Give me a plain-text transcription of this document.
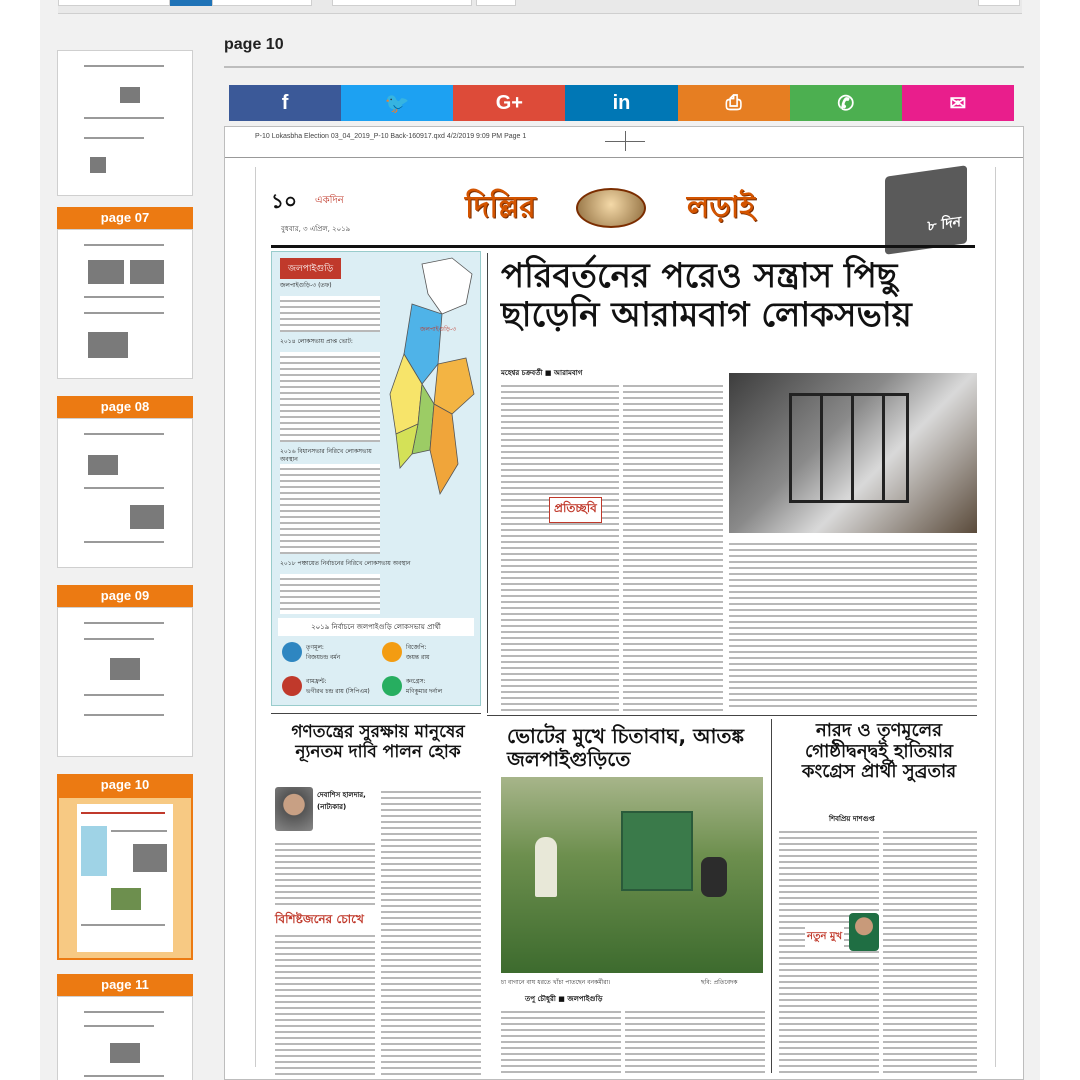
page 07
page 08
page 09
page 10
page 11
page 10
f	🐦	G+	in	⎙	✆	✉
P-10 Lokasbha Election 03_04_2019_P-10 Back-160917.qxd 4/2/2019 9:09 PM Page 1
১০ একদিন
বুধবার, ৩ এপ্রিল, ২০১৯
দিল্লির	লড়াই	৮ দিন
জলপাইগুড়ি
জলপাইগুড়ি-৩ (তফ)
২০১৪ লোকসভায় প্রাপ্ত ভোট:
২০১৬ বিধানসভার নিরিখে লোকসভায় অবস্থান
২০১৮ পঞ্চায়েত নির্বাচনের নিরিখে লোকসভায় অবস্থান
জলপাইগুড়ি-৩
২০১৯ নির্বাচনে জলপাইগুড়ি লোকসভায় প্রার্থী
তৃণমূল:
বিজয়চন্দ্র বর্মন
বিজেপি:
জয়ন্ত রায়
বামফ্রন্ট:
ভগীরথ চন্দ্র রায় (সিপিএম)
কংগ্রেস:
মণিকুমার দর্নাল
পরিবর্তনের পরেও সন্ত্রাস পিছু ছাড়েনি আরামবাগ লোকসভায়
মহেশ্বর চক্রবর্তী ■ আরামবাগ
প্রতিচ্ছবি
ভোটের মুখে চিতাবাঘ, আতঙ্ক জলপাইগুড়িতে
চা বাগানে বাঘ ধরতে খাঁচা পাতছেন বনকর্মীরা।	ছবি: প্রতিবেদক
তপু চৌধুরী ■ জলপাইগুড়ি
নারদ ও তৃণমূলের গোষ্ঠীদ্বন্দ্বই হাতিয়ার কংগ্রেস প্রার্থী সুব্রতার
শিবপ্রিয় দাশগুপ্ত
নতুন মুখ
গণতন্ত্রের সুরক্ষায় মানুষের ন্যূনতম দাবি পালন হোক
দেবাশিস হালদার, (নাট্যকার)
বিশিষ্টজনের চোখে
